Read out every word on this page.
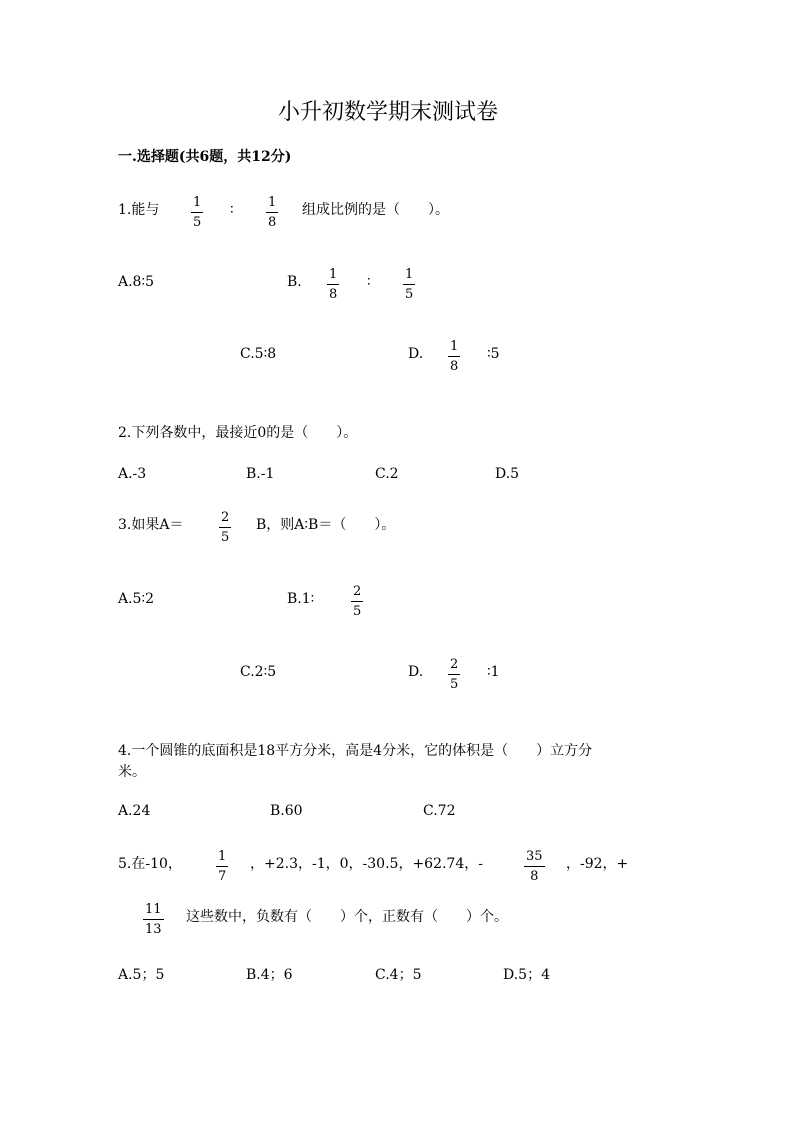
小升初数学期末测试卷
一.选择题(共6题，共12分)
1.能与	1
5
∶	1
8
组成比例的是（　　）。
A.8∶5	B. 1
8
∶	1
5
C.5∶8	D. 1
8
∶5
2.下列各数中，最接近0的是（　　）。
A.-3	B.-1	C.2	D.5
3.如果A＝	2
5
B，则A∶B＝（　　）。
A.5∶2	B.1∶	2
5
C.2∶5	D. 2
5
∶1
4.一个圆锥的底面积是18平方分米，高是4分米，它的体积是（　　）立方分
米。
A.24	B.60	C.72
5.在-10，	1
7
，+2.3，-1，0，-30.5，+62.74，-	35
8
，-92，+
11
13
这些数中，负数有（　　）个，正数有（　　）个。
A.5；5	B.4；6	C.4；5	D.5；4
